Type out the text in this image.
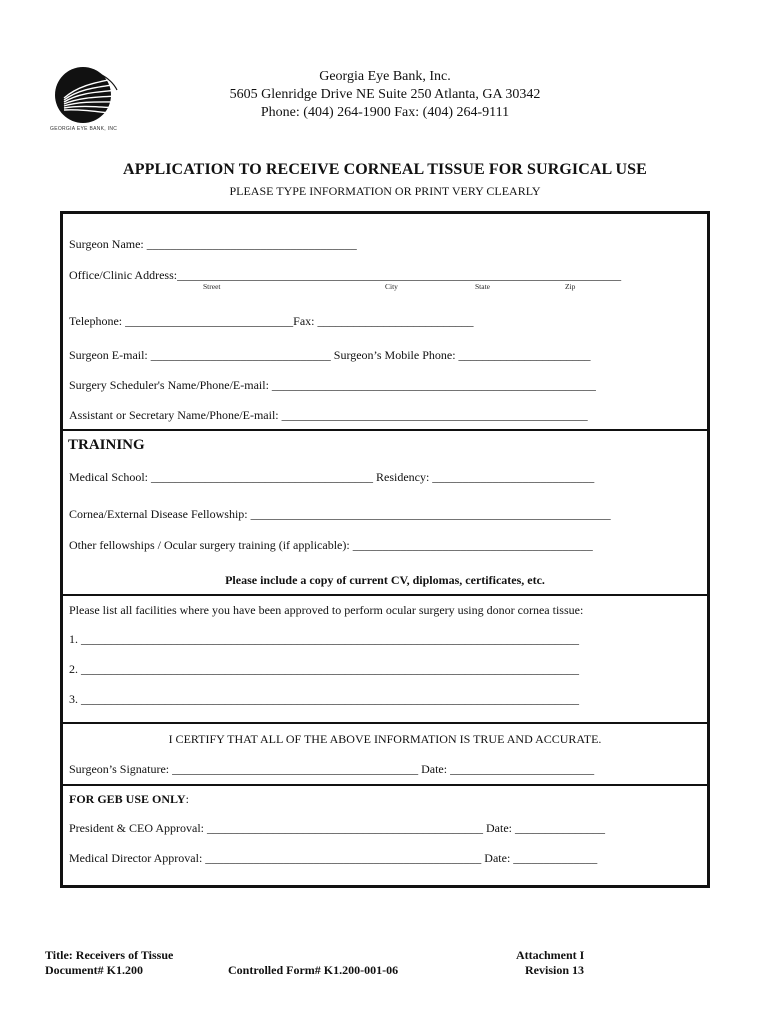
GEORGIA EYE BANK, INC
Georgia Eye Bank, Inc.
5605 Glenridge Drive NE Suite 250 Atlanta, GA 30342
Phone: (404) 264-1900 Fax: (404) 264-9111
APPLICATION TO RECEIVE CORNEAL TISSUE FOR SURGICAL USE
PLEASE TYPE INFORMATION OR PRINT VERY CLEARLY
Surgeon Name: ___________________________________
Office/Clinic Address:__________________________________________________________________________
Street	City	State	Zip
Telephone: ____________________________Fax: __________________________
Surgeon E-mail: ______________________________ Surgeon’s Mobile Phone: ______________________
Surgery Scheduler's Name/Phone/E-mail: ______________________________________________________
Assistant or Secretary Name/Phone/E-mail: ___________________________________________________
TRAINING
Medical School: _____________________________________ Residency: ___________________________
Cornea/External Disease Fellowship: ____________________________________________________________
Other fellowships / Ocular surgery training (if applicable): ________________________________________
Please include a copy of current CV, diplomas, certificates, etc.
Please list all facilities where you have been approved to perform ocular surgery using donor cornea tissue:
1. ___________________________________________________________________________________
2. ___________________________________________________________________________________
3. ___________________________________________________________________________________
I CERTIFY THAT ALL OF THE ABOVE INFORMATION IS TRUE AND ACCURATE.
Surgeon’s Signature: _________________________________________ Date: ________________________
FOR GEB USE ONLY:
President & CEO Approval: ______________________________________________ Date: _______________
Medical Director Approval: ______________________________________________ Date: ______________
Title: Receivers of Tissue
Document# K1.200	Controlled Form# K1.200-001-06
Attachment I
Revision 13
